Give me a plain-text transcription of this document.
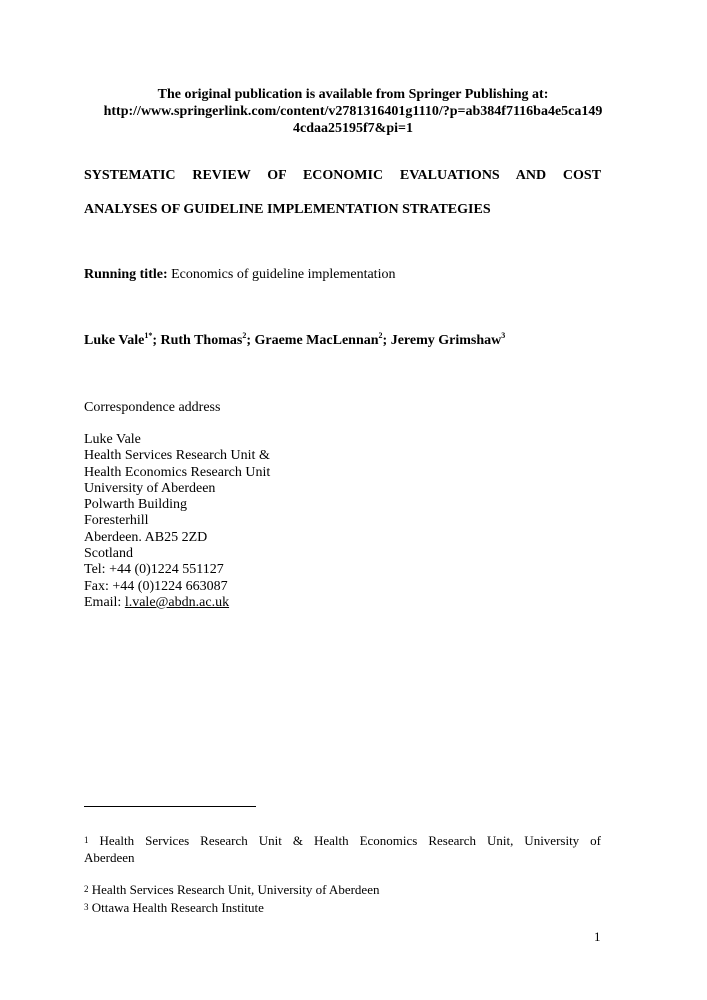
The original publication is available from Springer Publishing at:
http://www.springerlink.com/content/v2781316401g1110/?p=ab384f7116ba4e5ca149
4cdaa25195f7&pi=1
SYSTEMATIC REVIEW OF ECONOMIC EVALUATIONS AND COST
ANALYSES OF GUIDELINE IMPLEMENTATION STRATEGIES
Running title: Economics of guideline implementation
Luke Vale$^{1*}$; Ruth Thomas$^2$; Graeme MacLennan$^2$; Jeremy Grimshaw$^3$
Correspondence address
Luke Vale
Health Services Research Unit &
Health Economics Research Unit
University of Aberdeen
Polwarth Building
Foresterhill
Aberdeen. AB25 2ZD
Scotland
Tel: +44 (0)1224 551127
Fax: +44 (0)1224 663087
Email: l.vale@abdn.ac.uk
$^1$ Health Services Research Unit & Health Economics Research Unit, University of
Aberdeen
$^2$ Health Services Research Unit, University of Aberdeen
$^3$ Ottawa Health Research Institute
1
